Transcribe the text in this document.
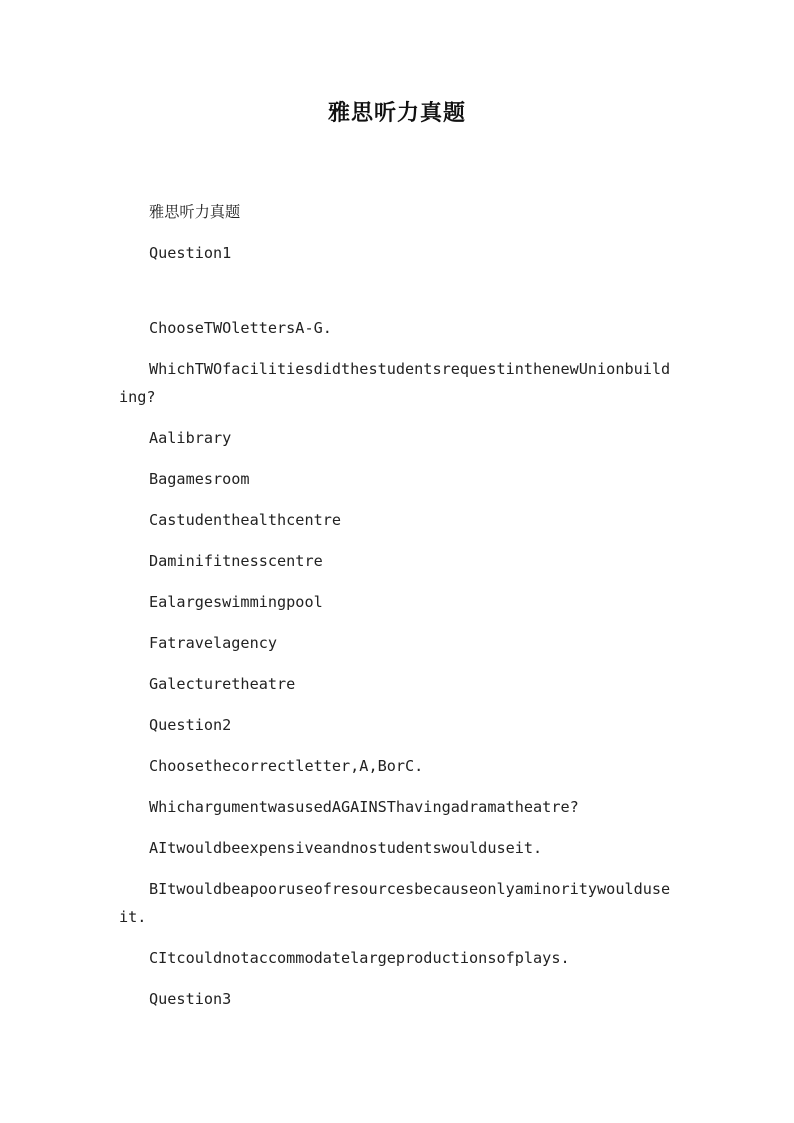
雅思听力真题

雅思听力真题

Question1

ChooseTWOlettersA-G.

WhichTWOfacilitiesdidthestudentsrequestinthenewUnionbuilding?

Aalibrary

Bagamesroom

Castudenthealthcentre

Daminifitnesscentre

Ealargeswimmingpool

Fatravelagency

Galecturetheatre

Question2

Choosethecorrectletter,A,BorC.

WhichargumentwasusedAGAINSThavingadramatheatre?

AItwouldbeexpensiveandnostudentswoulduseit.

BItwouldbeapooruseofresourcesbecauseonlyaminoritywoulduseit.

CItcouldnotaccommodatelargeproductionsofplays.

Question3
